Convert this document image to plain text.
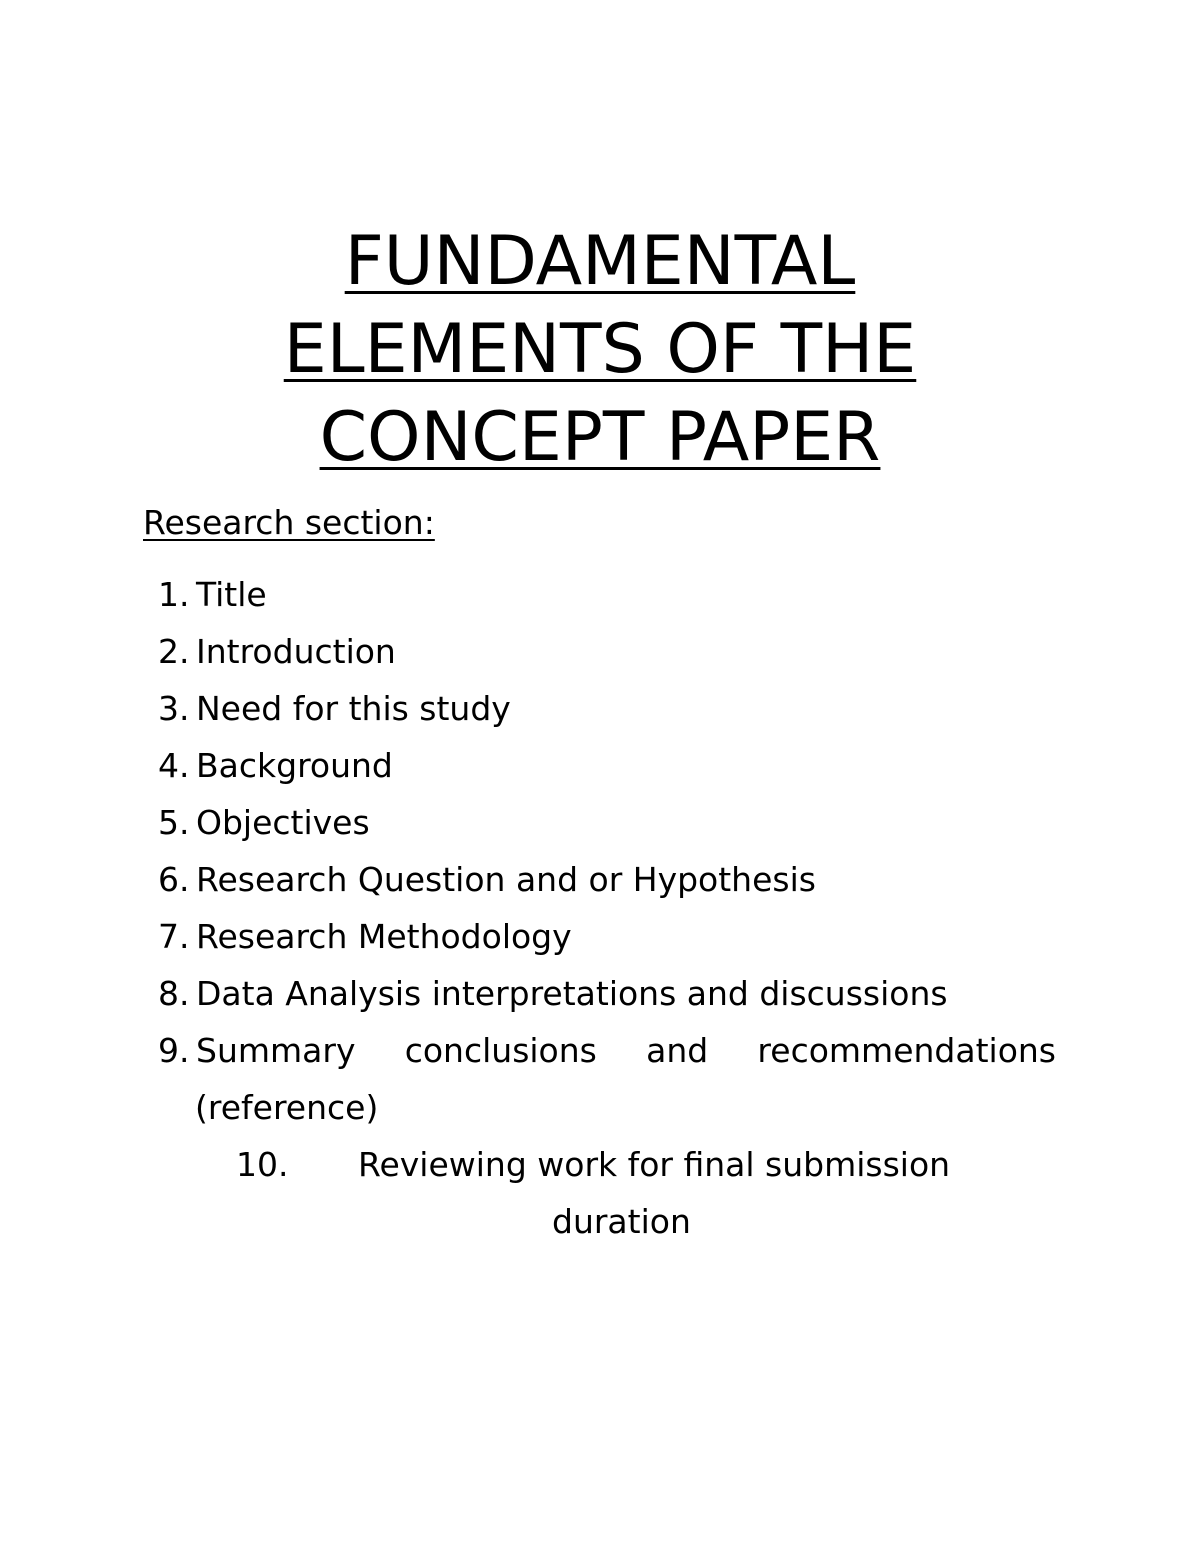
FUNDAMENTAL
ELEMENTS OF THE
CONCEPT PAPER
Research section:
1. Title
2. Introduction
3. Need for this study
4. Background
5. Objectives
6. Research Question and or Hypothesis
7. Research Methodology
8. Data Analysis interpretations and discussions
9. Summary conclusions and recommendations
(reference)
10. Reviewing work for final submission
duration
